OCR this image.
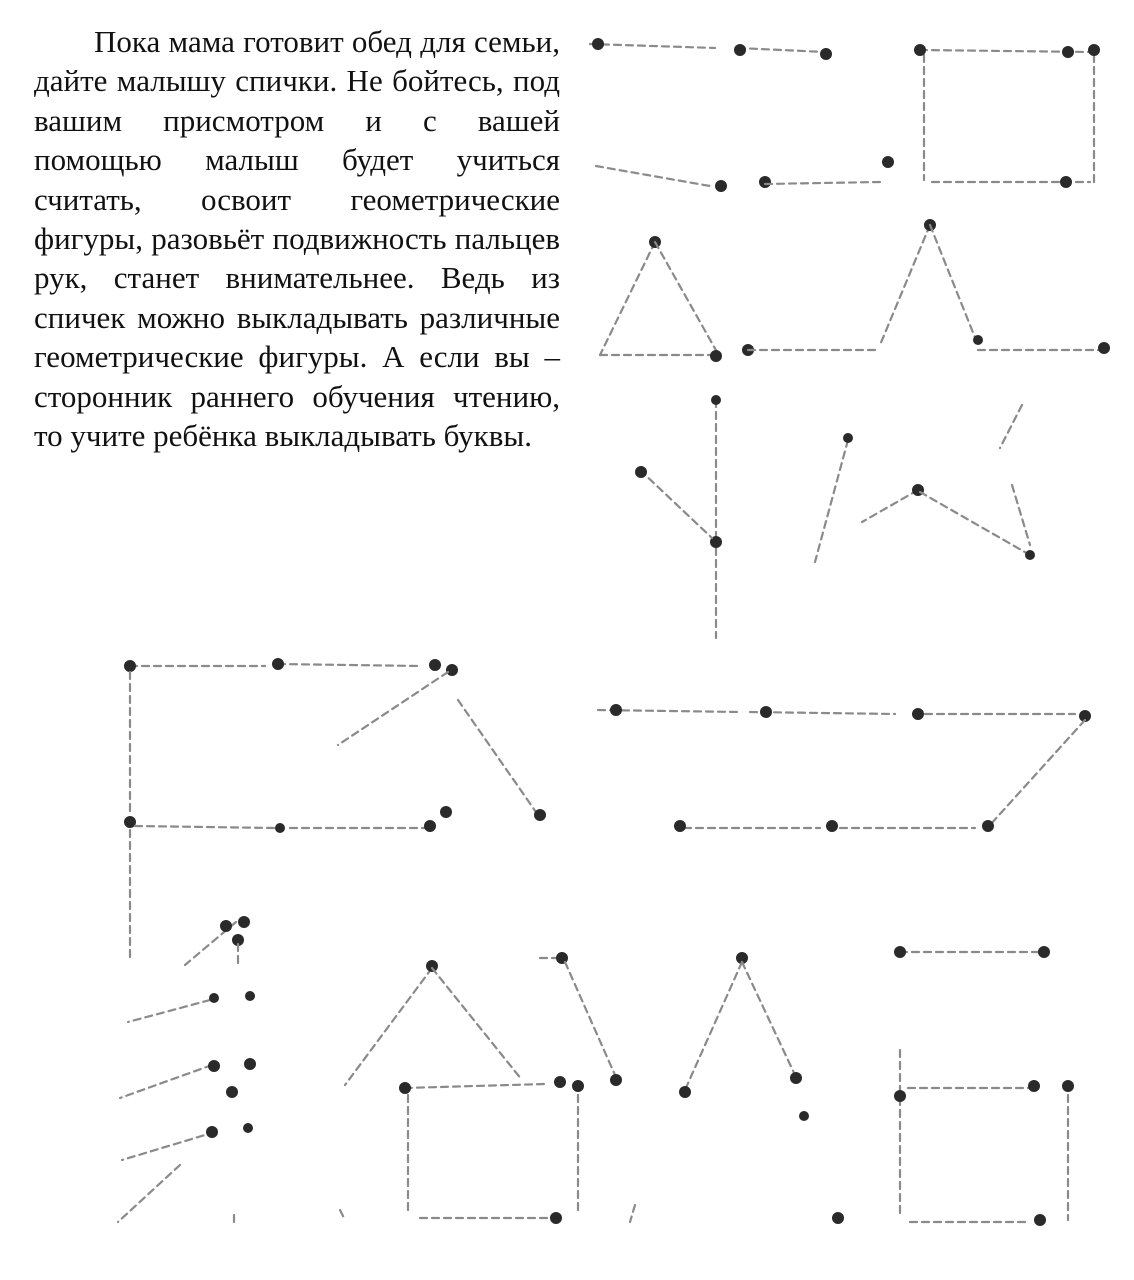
Пока мама готовит обед для семьи, дайте малышу спички. Не бойтесь, под вашим присмотром и с вашей помощью малыш будет учиться считать, освоит геометрические фигуры, разовьёт подвижность пальцев рук, станет внимательнее. Ведь из спичек можно выкладывать различные геометрические фигуры. А если вы – сторонник раннего обучения чтению, то учите ребёнка выкладывать буквы.
